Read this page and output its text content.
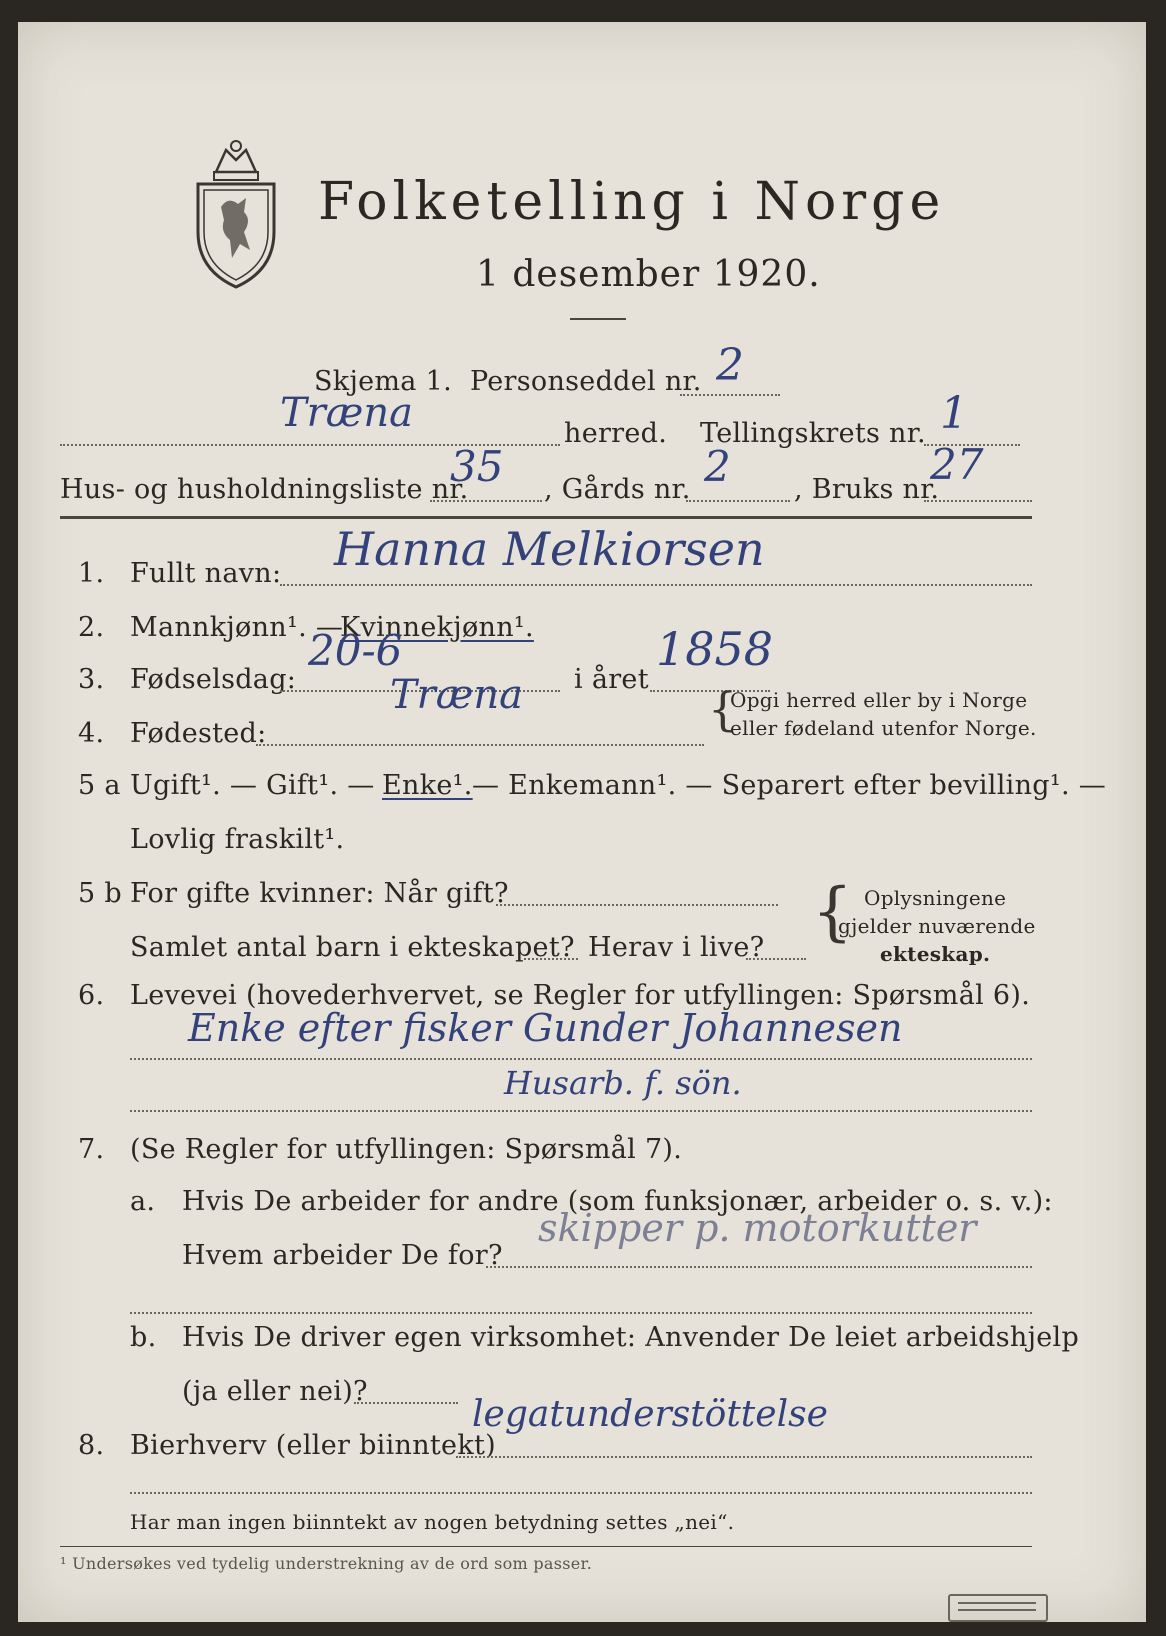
Folketelling i Norge
1 desember 1920.
Skjema 1. Personseddel nr. 2
Træna	herred. Tellingskrets nr. 1
Hus- og husholdningsliste nr.
35 , Gårds nr. 2 , Bruks nr.
27
1. Fullt navn: Hanna Melkiorsen
2. Mannkjønn¹. —
Kvinnekjønn¹.
3. Fødselsdag:
20-6
i året
1858
4. Fødested:
Træna	{
Opgi herred eller by i Norge
eller fødeland utenfor Norge.
5 a Ugift¹. — Gift¹. — Enke¹. — Enkemann¹. — Separert efter bevilling¹. —
Lovlig fraskilt¹.
5 b For gifte kvinner: Når gift?
Samlet antal barn i ekteskapet? Herav i live? { Oplysningene
gjelder nuværende
ekteskap.
6. Levevei (hovederhvervet, se Regler for utfyllingen: Spørsmål 6).
Enke efter fisker Gunder Johannesen
Husarb. f. sön.
7. (Se Regler for utfyllingen: Spørsmål 7).
a. Hvis De arbeider for andre (som funksjonær, arbeider o. s. v.):
Hvem arbeider De for?
skipper p. motorkutter
b. Hvis De driver egen virksomhet: Anvender De leiet arbeidshjelp
(ja eller nei)?
8. Bierhverv (eller biinntekt)
legatunderstöttelse
Har man ingen biinntekt av nogen betydning settes „nei“.
¹ Undersøkes ved tydelig understrekning av de ord som passer.
